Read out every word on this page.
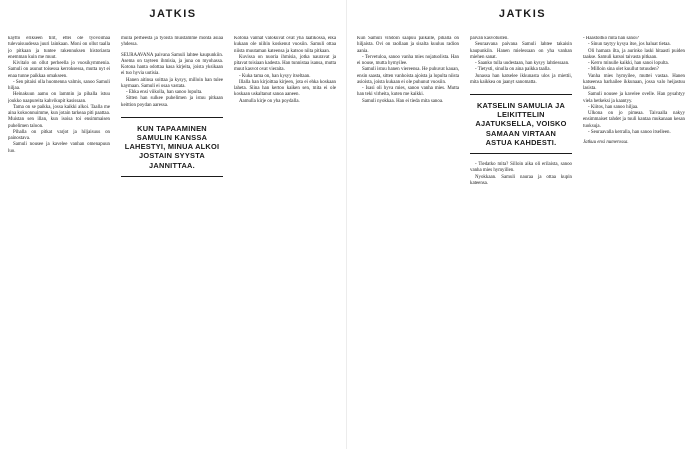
JATKIS

kaytto erikseen tilit, ettei ole tyovoimaa tulevaisuudessa juuri lainkaan. Moni on ollut taalla jo pitkaan ja tuntee rakennuksen historiasta enemman kuin me muut.

Kivitalo on ollut perheella jo vuosikymmenia. Samuli on asunut toisessa kerroksessa, mutta nyt ei enaa tunne paikkaa omakseen.

- Sen pitaisi olla huomenna valmis, sanoo Samuli hiljaa.

Heinakuun aamu on lammin ja pihalla istuu joukko naapureita kahvikupit kasissaan.

Tama on se paikka, jossa kaikki alkoi. Taalla me aina kokoonnuimme, kun jotain tarkeaa piti paattaa. Muistan sen illan, kun isoisa toi ensimmaisen puhelimen taloon.

Pihalla on pitkat varjot ja hiljaisuus on painostava.

Samuli nousee ja kavelee vanhan omenapuun luo.

mulla perheesta ja tyoista muistamme monta asiaa yhdessa.

SEURAAVANA paivana Samuli lahtee kaupunkiin. Asema on tayteen ihmisia, ja juna on myohassa. Kotona hanta odottaa kasa kirjeita, joista yksikaan ei tuo hyvia uutisia.

Hanen aitinsa soittaa ja kysyy, milloin han tulee kaymaan. Samuli ei osaa vastata.

- Ehka ensi viikolla, han sanoo lopulta.

Sitten han sulkee puhelimen ja istuu pitkaan keittion poydan aaressa.

KUN TAPAAMINEN SAMULIN KANSSA LAHESTYI, MINUA ALKOI JOSTAIN SYYSTA JANNITTAA.

Kotona vanhat valokuvat ovat yha laatikossa, eika kukaan ole niihin koskenut vuosiin. Samuli ottaa niista muutaman kateensa ja katsoo niita pitkaan.

Kuvissa on nuoria ihmisia, jotka nauravat ja pitavat toisiaan kadesta. Han tunnistaa isansa, mutta muut kasvot ovat vieraita.

- Kuka tama on, han kysyy itseltaan.

Illalla han kirjoittaa kirjeen, jota ei ehka koskaan laheta. Siina han kertoo kaiken sen, mita ei ole koskaan uskaltanut sanoa aaneen.

Aamulla kirje on yha poydalla.

JATKIS

Kun Samuli vihdoin saapuu paikalle, pihalla on hiljaista. Ovi on raollaan ja sisalta kuuluu radion aania.

- Tervetuloa, sanoo vanha mies nojatuolista. Han ei nouse, mutta hymyilee.

Samuli istuu hanen viereensa. He puhuvat kauan, ensin saasta, sitten vanhoista ajoista ja lopulta niista asioista, joista kukaan ei ole puhunut vuosiin.

- Isasi oli hyva mies, sanoo vanha mies. Mutta han teki virheita, kuten me kaikki.

Samuli nyokkaa. Han ei tieda mita sanoa.

paivan kasvotusten.

Seuraavana paivana Samuli lahtee takaisin kaupunkiin. Hanen mielessaan on yha vanhan miehen sanat.

- Saanko tulla uudestaan, han kysyy lahtiessaan.

- Tietysti, sinulla on aina paikka taalla.

Junassa han katselee ikkunasta ulos ja miettii, mita kaikkea on jaanyt sanomatta.

KATSELIN SAMULIA JA LEIKITTELIN AJATUKSELLA, VOISKO SAMAAN VIRTAAN ASTUA KAHDESTI.

- Tiedatko mita? Silloin aika oli erilaista, sanoo vanha mies hymyillen.

Nyokkaan. Samuli nauraa ja ottaa kupin kateensa.

- Haastoitko mita han sanoi?

- Sinun taytyy kysya itse, jos haluat tietaa.

Oli hamara ilta, ja aurinko laski hitaasti puiden taakse. Samuli katsoi taivasta pitkaan.

- Kerro minulle kaikki, han sanoi lopulta.

- Milloin sina olet kuullut totuuden?

Vanha mies hymyilee, muttei vastaa. Hanen katseensa harhailee ikkunaan, jossa valo heijastuu lasista.

Samuli nousee ja kavelee ovelle. Han pysahtyy viela hetkeksi ja kaantyy.

- Kiitos, han sanoo hiljaa.

Ulkona on jo pimeaa. Taivaalla nakyy ensimmaiset tahdet ja tuuli kantaa mukanaan kesan tuoksuja.

- Seuraavalla kerralla, han sanoo itselleen.

Jatkuu ensi numerossa.
